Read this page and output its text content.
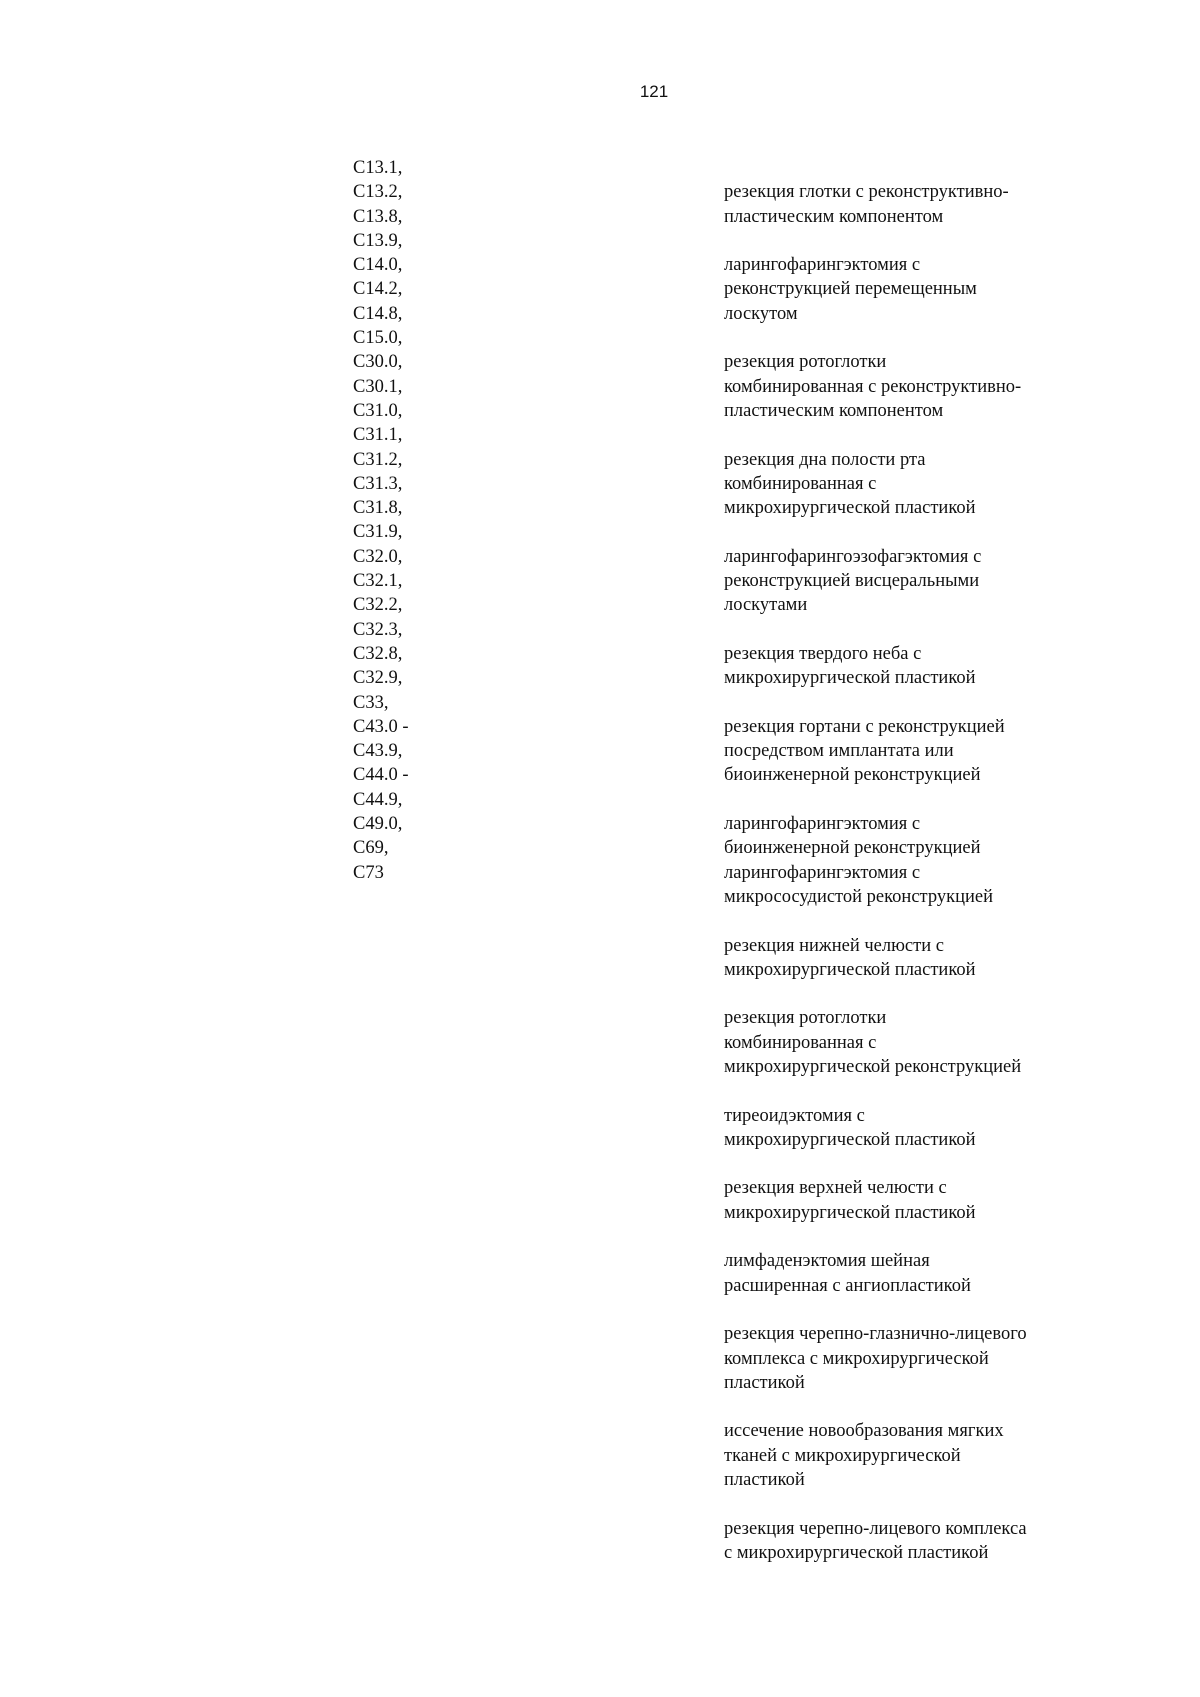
121
C13.1,
C13.2,
C13.8,
C13.9,
C14.0,
C14.2,
C14.8,
C15.0,
C30.0,
C30.1,
C31.0,
C31.1,
C31.2,
C31.3,
C31.8,
C31.9,
C32.0,
C32.1,
C32.2,
C32.3,
C32.8,
C32.9,
C33,
C43.0 -
C43.9,
C44.0 -
C44.9,
C49.0,
C69,
C73
резекция глотки с реконструктивно-
пластическим компонентом
ларингофарингэктомия с
реконструкцией перемещенным
лоскутом
резекция ротоглотки
комбинированная с реконструктивно-
пластическим компонентом
резекция дна полости рта
комбинированная с
микрохирургической пластикой
ларингофарингоэзофагэктомия с
реконструкцией висцеральными
лоскутами
резекция твердого неба с
микрохирургической пластикой
резекция гортани с реконструкцией
посредством имплантата или
биоинженерной реконструкцией
ларингофарингэктомия с
биоинженерной реконструкцией
ларингофарингэктомия с
микрососудистой реконструкцией
резекция нижней челюсти с
микрохирургической пластикой
резекция ротоглотки
комбинированная с
микрохирургической реконструкцией
тиреоидэктомия с
микрохирургической пластикой
резекция верхней челюсти с
микрохирургической пластикой
лимфаденэктомия шейная
расширенная с ангиопластикой
резекция черепно-глазнично-лицевого
комплекса с микрохирургической
пластикой
иссечение новообразования мягких
тканей с микрохирургической
пластикой
резекция черепно-лицевого комплекса
с микрохирургической пластикой
